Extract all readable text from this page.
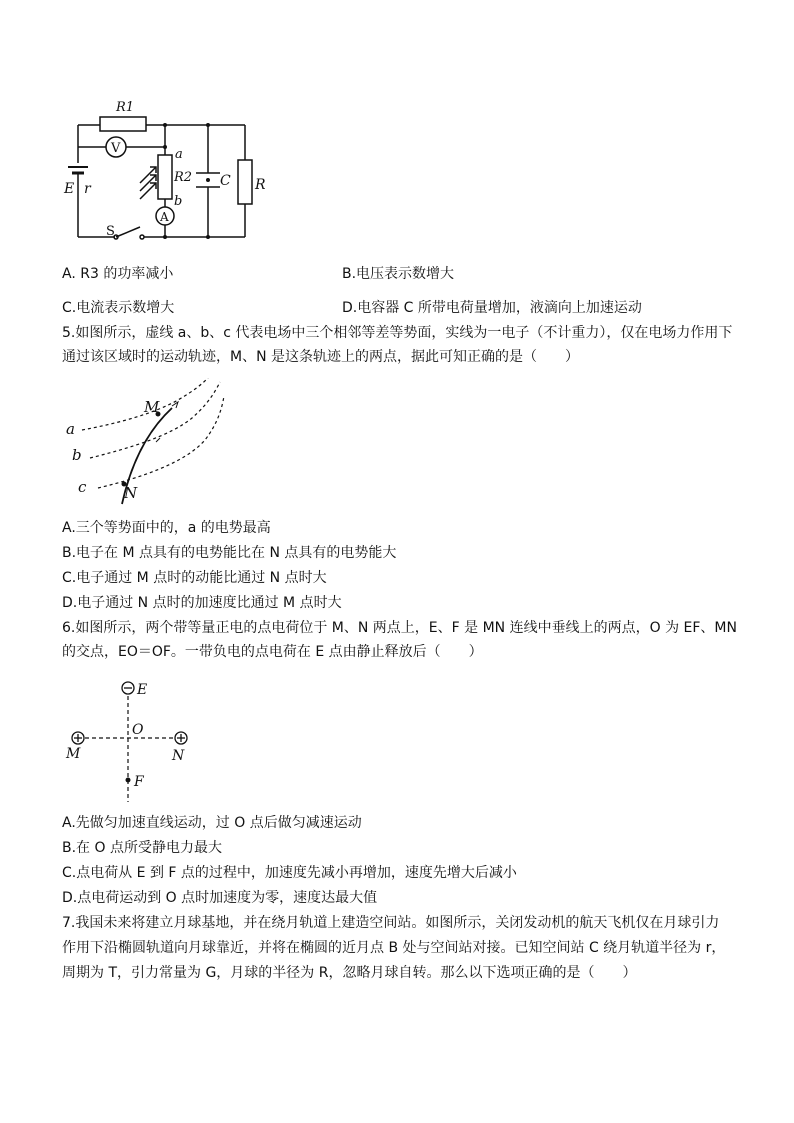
R1
V	a
R2
b
A
C R
E r
S
A. R3 的功率减小	B.电压表示数增大
C.电流表示数增大	D.电容器 C 所带电荷量增加，液滴向上加速运动
5.如图所示，虚线 a、b、c 代表电场中三个相邻等差等势面，实线为一电子（不计重力），仅在电场力作用下
通过该区域时的运动轨迹，M、N 是这条轨迹上的两点，据此可知正确的是（　　）
M
N
a
b
c
A.三个等势面中的，a 的电势最高
B.电子在 M 点具有的电势能比在 N 点具有的电势能大
C.电子通过 M 点时的动能比通过 N 点时大
D.电子通过 N 点时的加速度比通过 M 点时大
6.如图所示，两个带等量正电的点电荷位于 M、N 两点上，E、F 是 MN 连线中垂线上的两点，O 为 EF、MN
的交点，EO＝OF。一带负电的点电荷在 E 点由静止释放后（　　）
E
O
M	N
F
A.先做匀加速直线运动，过 O 点后做匀减速运动
B.在 O 点所受静电力最大
C.点电荷从 E 到 F 点的过程中，加速度先减小再增加，速度先增大后减小
D.点电荷运动到 O 点时加速度为零，速度达最大值
7.我国未来将建立月球基地，并在绕月轨道上建造空间站。如图所示，关闭发动机的航天飞机仅在月球引力
作用下沿椭圆轨道向月球靠近，并将在椭圆的近月点 B 处与空间站对接。已知空间站 C 绕月轨道半径为 r，
周期为 T，引力常量为 G，月球的半径为 R，忽略月球自转。那么以下选项正确的是（　　）
